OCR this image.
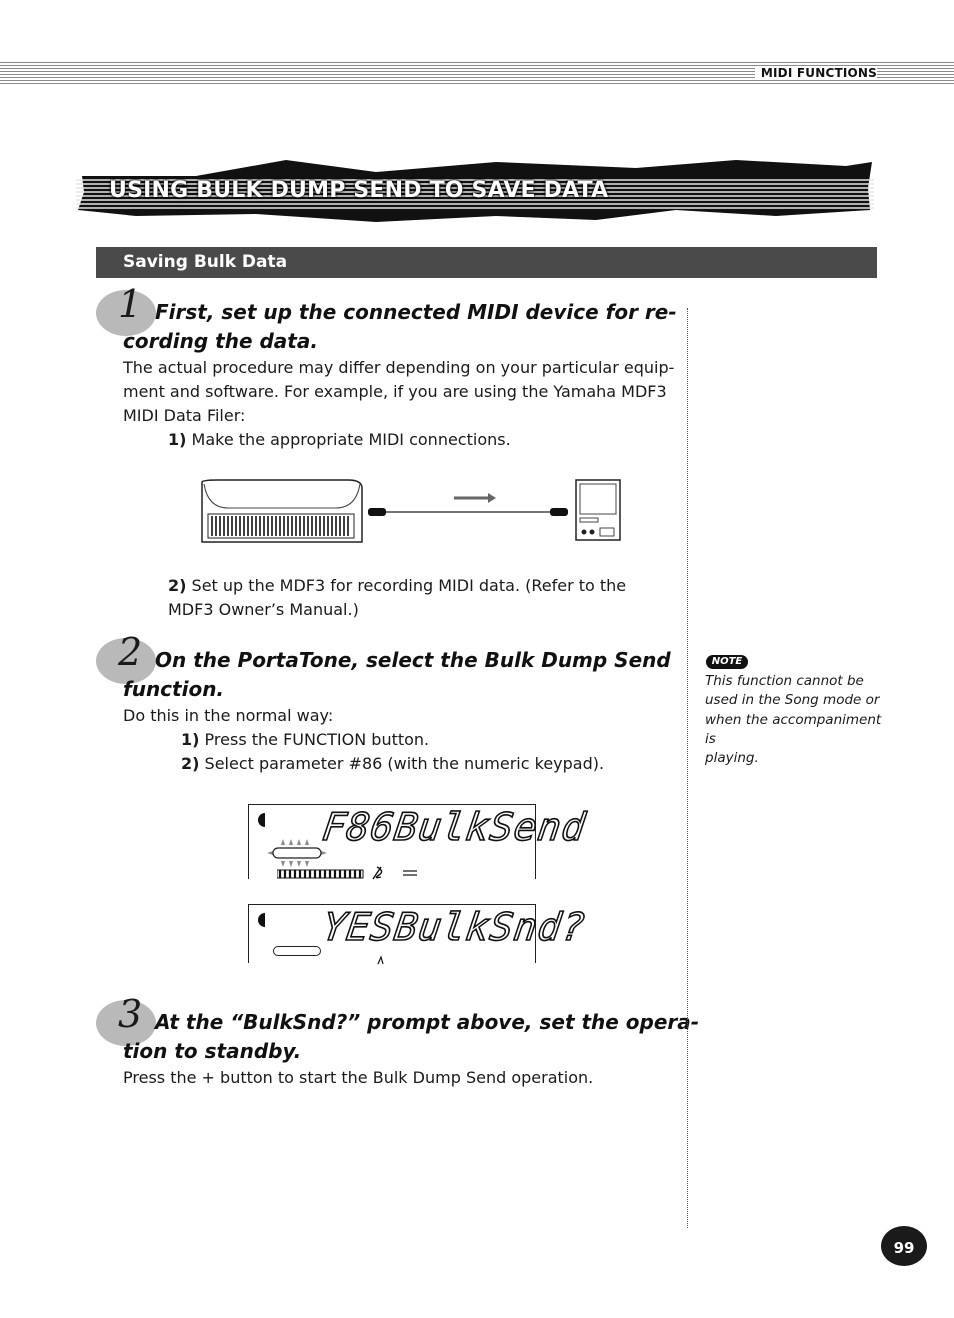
MIDI FUNCTIONS
USING BULK DUMP SEND TO SAVE DATA
Saving Bulk Data
1 First, set up the connected MIDI device for re-
cording the data.
The actual procedure may differ depending on your particular equip-
ment and software. For example, if you are using the Yamaha MDF3
MIDI Data Filer:
1) Make the appropriate MIDI connections.
2) Set up the MDF3 for recording MIDI data. (Refer to the
MDF3 Owner’s Manual.)
2 On the PortaTone, select the Bulk Dump Send
function.
Do this in the normal way:
1) Press the FUNCTION button.
2) Select parameter #86 (with the numeric keypad).
F86BulkSend
YESBulkSnd?
3 At the “BulkSnd?” prompt above, set the opera-
tion to standby.
Press the + button to start the Bulk Dump Send operation.
NOTE
This function cannot be
used in the Song mode or
when the accompaniment is
playing.
99
